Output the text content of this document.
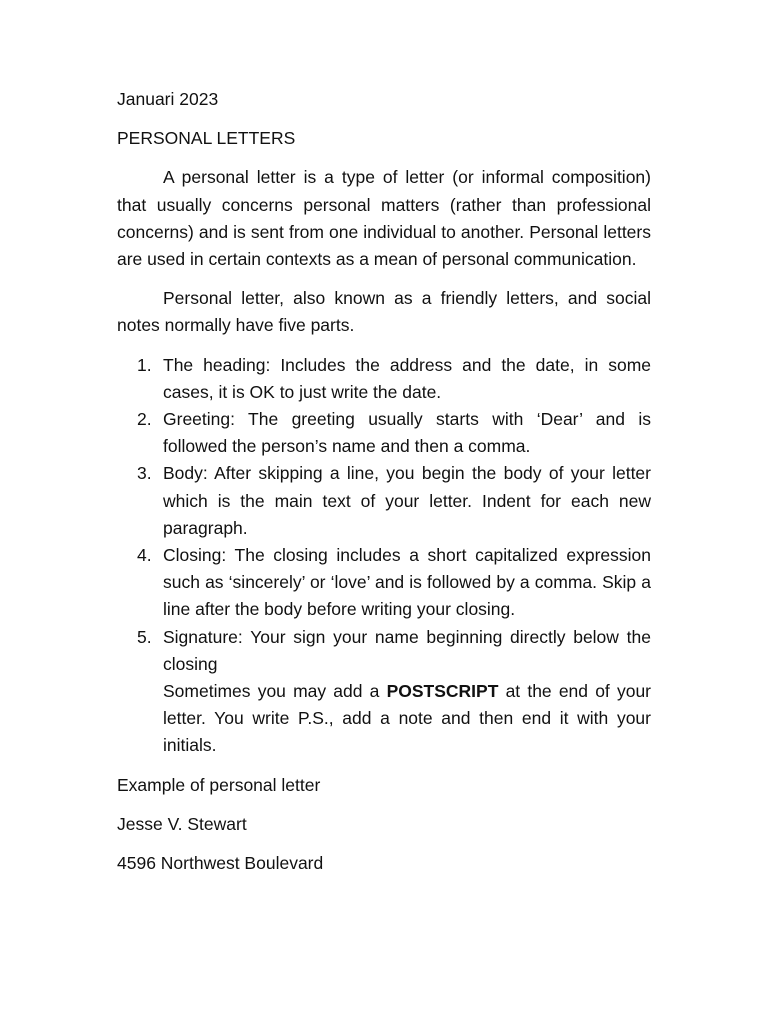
Januari 2023

PERSONAL LETTERS

A personal letter is a type of letter (or informal composition) that usually concerns personal matters (rather than professional concerns) and is sent from one individual to another. Personal letters are used in certain contexts as a mean of personal communication.

Personal letter, also known as a friendly letters, and social notes normally have five parts.

1. The heading: Includes the address and the date, in some cases, it is OK to just write the date.
2. Greeting: The greeting usually starts with ‘Dear’ and is followed the person’s name and then a comma.
3. Body: After skipping a line, you begin the body of your letter which is the main text of your letter. Indent for each new paragraph.
4. Closing: The closing includes a short capitalized expression such as ‘sincerely’ or ‘love’ and is followed by a comma. Skip a line after the body before writing your closing.
5. Signature: Your sign your name beginning directly below the closing
Sometimes you may add a POSTSCRIPT at the end of your letter. You write P.S., add a note and then end it with your initials.

Example of personal letter

Jesse V. Stewart

4596 Northwest Boulevard
